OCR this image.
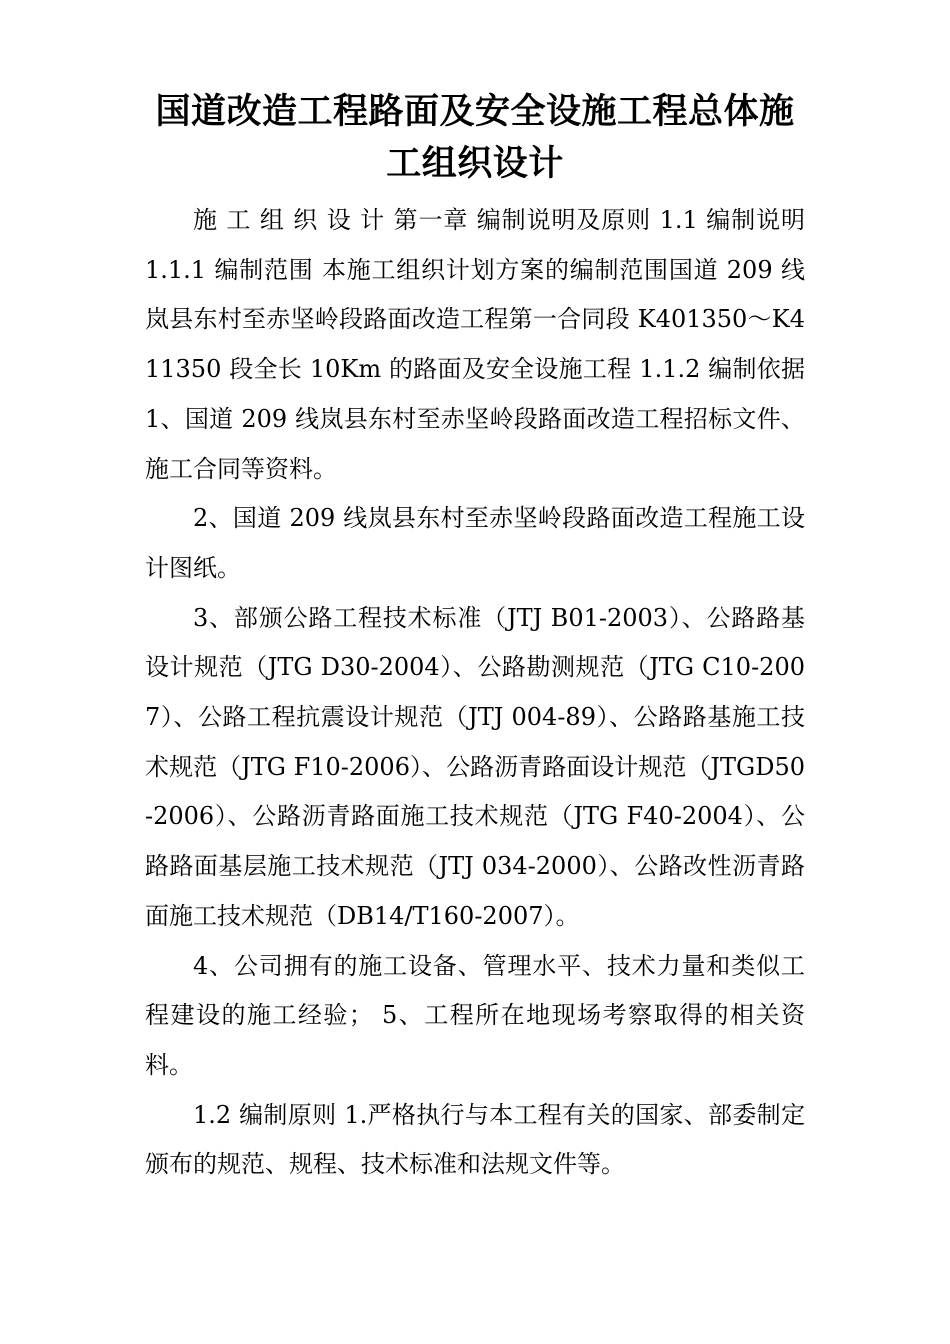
国道改造工程路面及安全设施工程总体施工组织设计

施 工 组 织 设 计 第一章 编制说明及原则 1.1 编制说明 1.1.1 编制范围 本施工组织计划方案的编制范围国道 209 线岚县东村至赤坚岭段路面改造工程第一合同段 K401350～K411350 段全长 10Km 的路面及安全设施工程 1.1.2 编制依据 1、国道 209 线岚县东村至赤坚岭段路面改造工程招标文件、施工合同等资料。

2、国道 209 线岚县东村至赤坚岭段路面改造工程施工设计图纸。

3、部颁公路工程技术标准（JTJ B01-2003）、公路路基设计规范（JTG D30-2004）、公路勘测规范（JTG C10-2007）、公路工程抗震设计规范（JTJ 004-89）、公路路基施工技术规范（JTG F10-2006）、公路沥青路面设计规范（JTGD50-2006）、公路沥青路面施工技术规范（JTG F40-2004）、公路路面基层施工技术规范（JTJ 034-2000）、公路改性沥青路面施工技术规范（DB14/T160-2007）。

4、公司拥有的施工设备、管理水平、技术力量和类似工程建设的施工经验； 5、工程所在地现场考察取得的相关资料。

1.2 编制原则 1.严格执行与本工程有关的国家、部委制定颁布的规范、规程、技术标准和法规文件等。
